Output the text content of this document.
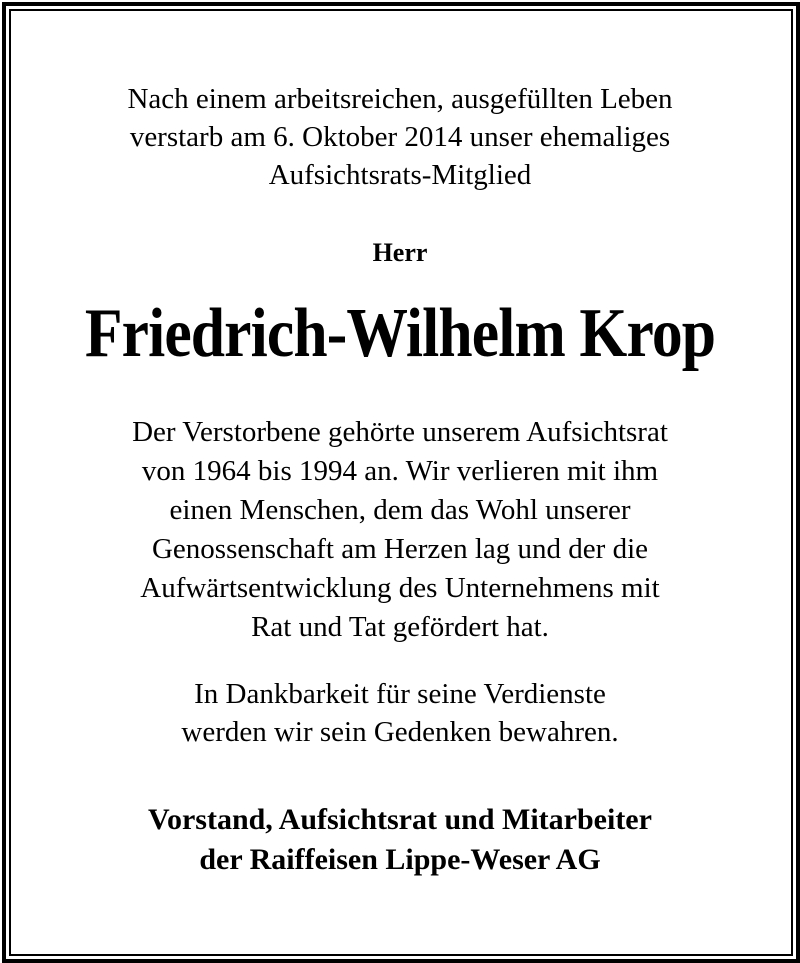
Nach einem arbeitsreichen, ausgefüllten Leben
verstarb am 6. Oktober 2014 unser ehemaliges
Aufsichtsrats-Mitglied
Herr
Friedrich-Wilhelm Krop
Der Verstorbene gehörte unserem Aufsichtsrat
von 1964 bis 1994 an. Wir verlieren mit ihm
einen Menschen, dem das Wohl unserer
Genossenschaft am Herzen lag und der die
Aufwärtsentwicklung des Unternehmens mit
Rat und Tat gefördert hat.
In Dankbarkeit für seine Verdienste
werden wir sein Gedenken bewahren.
Vorstand, Aufsichtsrat und Mitarbeiter
der Raiffeisen Lippe-Weser AG
